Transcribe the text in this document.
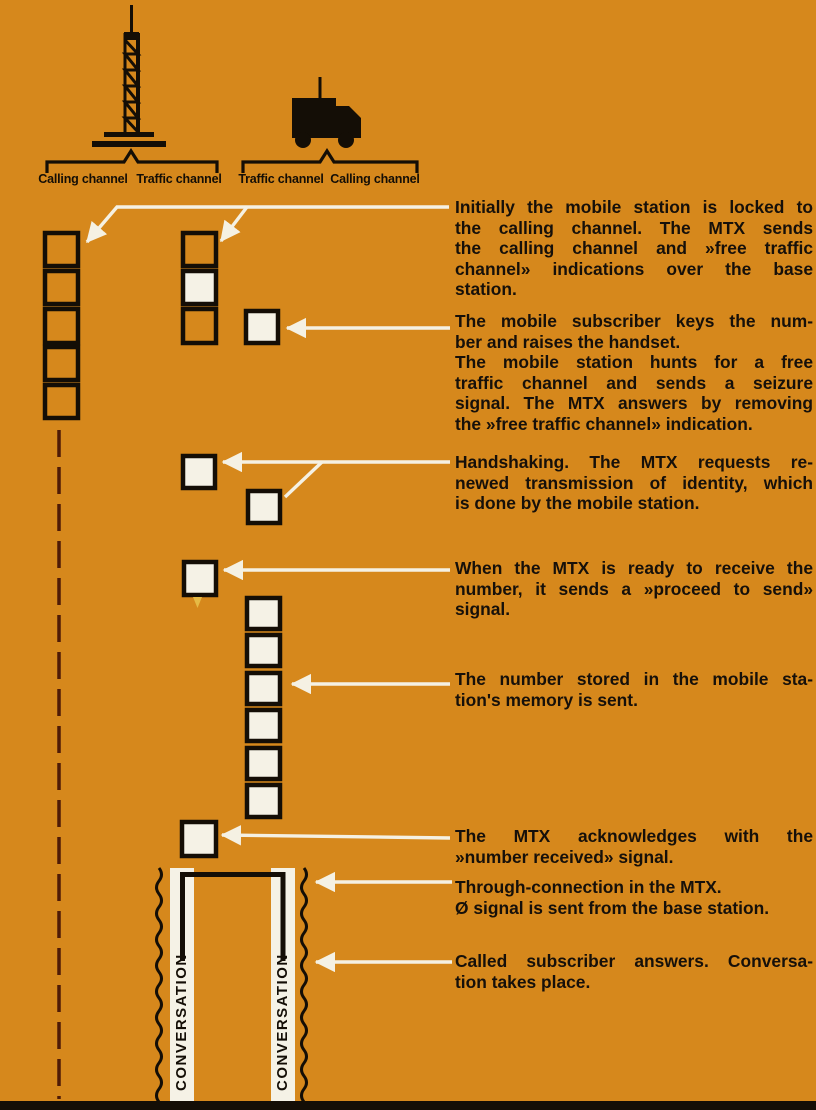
Calling channel Traffic channel	Traffic channel Calling channel

Initially the mobile station is locked to
the calling channel. The MTX sends
the calling channel and »free traffic
channel» indications over the base
station.

The mobile subscriber keys the num-
ber and raises the handset.

The mobile station hunts for a free
traffic channel and sends a seizure
signal. The MTX answers by removing
the »free traffic channel» indication.

Handshaking. The MTX requests re-
newed transmission of identity, which
is done by the mobile station.

When the MTX is ready to receive the
number, it sends a »proceed to send»
signal.

The number stored in the mobile sta-
tion's memory is sent.

The MTX acknowledges with the
»number received» signal.

Through-connection in the MTX.

Ø signal is sent from the base station.

Called subscriber answers. Conversa-
tion takes place.

CONVERSATION	CONVERSATION
